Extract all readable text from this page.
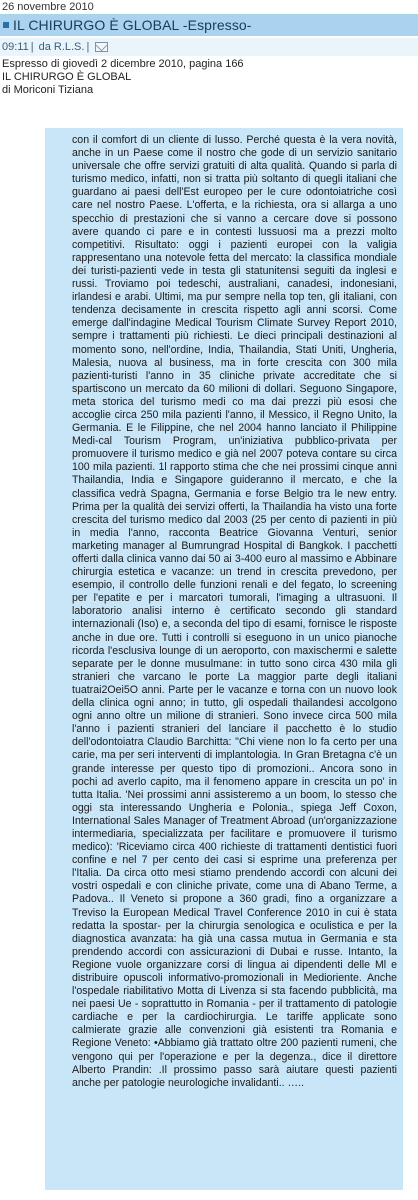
26 novembre 2010
IL CHIRURGO È GLOBAL -Espresso-
09:11 | da R.L.S. |
Espresso di giovedì 2 dicembre 2010, pagina 166
IL CHIRURGO È GLOBAL
di Moriconi Tiziana
con il comfort di un cliente di lusso. Perché questa è la vera novità, anche in un Paese come il nostro che gode di un servizio sanitario universale che offre servizi gratuiti di alta qualità. Quando si parla di turismo medico, infatti, non si tratta più soltanto di quegli italiani che guardano ai paesi dell'Est europeo per le cure odontoiatriche così care nel nostro Paese. L'offerta, e la richiesta, ora si allarga a uno specchio di prestazioni che si vanno a cercare dove si possono avere quando ci pare e in contesti lussuosi ma a prezzi molto competitivi. Risultato: oggi i pazienti europei con la valigia rappresentano una notevole fetta del mercato: la classifica mondiale dei turisti-pazienti vede in testa gli statunitensi seguiti da inglesi e russi. Troviamo poi tedeschi, australiani, canadesi, indonesiani, irlandesi e arabi. Ultimi, ma pur sempre nella top ten, gli italiani, con tendenza decisamente in crescita rispetto agli anni scorsi. Come emerge dall'indagine Medical Tourism Climate Survey Report 2010, sempre i trattamenti più richiesti. Le dieci principali destinazioni al momento sono, nell'ordine, India, Thailandia, Stati Uniti, Ungheria, Malesia, nuova al business, ma in forte crescita con 300 mila pazienti-turisti l'anno in 35 cliniche private accreditate che si spartiscono un mercato da 60 milioni di dollari. Seguono Singapore, meta storica del turismo medi co ma dai prezzi più esosi che accoglie circa 250 mila pazienti l'anno, il Messico, il Regno Unito, la Germania. E le Filippine, che nel 2004 hanno lanciato il Philippine Medi-cal Tourism Program, un'iniziativa pubblico-privata per promuovere il turismo medico e già nel 2007 poteva contare su circa 100 mila pazienti. 1l rapporto stima che che nei prossimi cinque anni Thailandia, India e Singapore guideranno il mercato, e che la classifica vedrà Spagna, Germania e forse Belgio tra le new entry. Prima per la qualità dei servizi offerti, la Thailandia ha visto una forte crescita del turismo medico dal 2003 (25 per cento di pazienti in più in media l'anno, racconta Beatrice Giovanna Venturi, senior marketing manager al Bumrungrad Hospital di Bangkok. I pacchetti offerti dalla clinica vanno dai 50 ai 3-400 euro al massimo e Abbinare chirurgia estetica e vacanze: un trend in crescita prevedono, per esempio, il controllo delle funzioni renali e del fegato, lo screening per l'epatite e per i marcatori tumorali, l'imaging a ultrasuoni. Il laboratorio analisi interno è certificato secondo gli standard internazionali (Iso) e, a seconda del tipo di esami, fornisce le risposte anche in due ore. Tutti i controlli si eseguono in un unico pianoche ricorda l'esclusiva lounge di un aeroporto, con maxischermi e salette separate per le donne musulmane: in tutto sono circa 430 mila gli stranieri che varcano le porte La maggior parte degli italiani tuatrai2Oei5O anni. Parte per le vacanze e torna con un nuovo look della clinica ogni anno; in tutto, gli ospedali thailandesi accolgono ogni anno oltre un milione di stranieri. Sono invece circa 500 mila l'anno i pazienti stranieri del lanciare il pacchetto è lo studio dell'odontoiatra Claudio Barchitta: "Chi viene non lo fa certo per una carie, ma per seri interventi di implantologia. In Gran Bretagna c'è un grande interesse per questo tipo di promozioni.. Ancora sono in pochi ad averlo capito, ma il fenomeno appare in crescita un po' in tutta Italia. 'Nei prossimi anni assisteremo a un boom, lo stesso che oggi sta interessando Ungheria e Polonia., spiega Jeff Coxon, International Sales Manager of Treatment Abroad (un'organizzazione intermediaria, specializzata per facilitare e promuovere il turismo medico): 'Riceviamo circa 400 richieste di trattamenti dentistici fuori confine e nel 7 per cento dei casi si esprime una preferenza per l'Italia. Da circa otto mesi stiamo prendendo accordi con alcuni dei vostri ospedali e con cliniche private, come una di Abano Terme, a Padova.. Il Veneto si propone a 360 gradi, fino a organizzare a Treviso la European Medical Travel Conference 2010 in cui è stata redatta la spostar- per la chirurgia senologica e oculistica e per la diagnostica avanzata: ha già una cassa mutua in Germania e sta prendendo accordi con assicurazioni di Dubai e russe. Intanto, la Regione vuole organizzare corsi di lingua ai dipendenti delle Ml e distribuire opuscoli informativo-promozionali in Medioriente. Anche l'ospedale riabilitativo Motta di Livenza si sta facendo pubblicità, ma nei paesi Ue - soprattutto in Romania - per il trattamento di patologie cardiache e per la cardiochirurgia. Le tariffe applicate sono calmierate grazie alle convenzioni già esistenti tra Romania e Regione Veneto: •Abbiamo già trattato oltre 200 pazienti rumeni, che vengono qui per l'operazione e per la degenza., dice il direttore Alberto Prandin: .Il prossimo passo sarà aiutare questi pazienti anche per patologie neurologiche invalidanti.. …..
